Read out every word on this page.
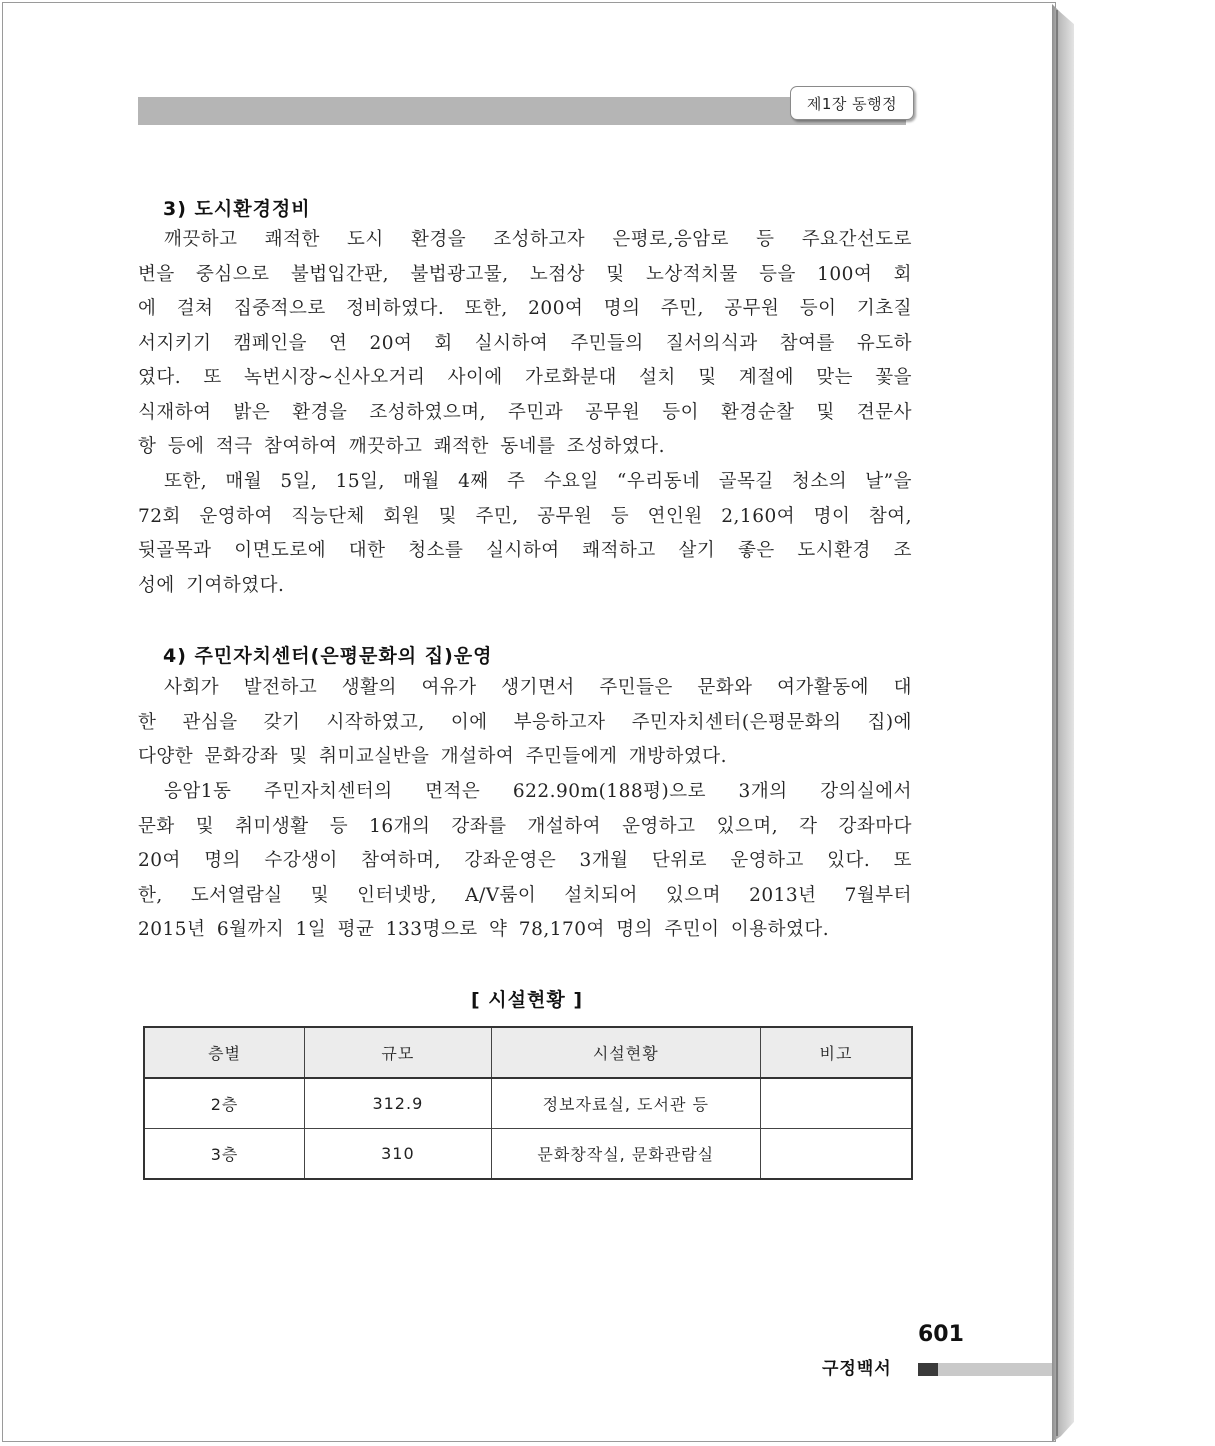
제1장 동행정
3) 도시환경정비
깨끗하고 쾌적한 도시 환경을 조성하고자 은평로,응암로 등 주요간선도로
변을 중심으로 불법입간판, 불법광고물, 노점상 및 노상적치물 등을 100여 회
에 걸쳐 집중적으로 정비하였다. 또한, 200여 명의 주민, 공무원 등이 기초질
서지키기 캠페인을 연 20여 회 실시하여 주민들의 질서의식과 참여를 유도하
였다. 또 녹번시장~신사오거리 사이에 가로화분대 설치 및 계절에 맞는 꽃을
식재하여 밝은 환경을 조성하였으며, 주민과 공무원 등이 환경순찰 및 견문사
항 등에 적극 참여하여 깨끗하고 쾌적한 동네를 조성하였다.
또한, 매월 5일, 15일, 매월 4째 주 수요일 “우리동네 골목길 청소의 날”을
72회 운영하여 직능단체 회원 및 주민, 공무원 등 연인원 2,160여 명이 참여,
뒷골목과 이면도로에 대한 청소를 실시하여 쾌적하고 살기 좋은 도시환경 조
성에 기여하였다.
4) 주민자치센터(은평문화의 집)운영
사회가 발전하고 생활의 여유가 생기면서 주민들은 문화와 여가활동에 대
한 관심을 갖기 시작하였고, 이에 부응하고자 주민자치센터(은평문화의 집)에
다양한 문화강좌 및 취미교실반을 개설하여 주민들에게 개방하였다.
응암1동 주민자치센터의 면적은 622.90m(188평)으로 3개의 강의실에서
문화 및 취미생활 등 16개의 강좌를 개설하여 운영하고 있으며, 각 강좌마다
20여 명의 수강생이 참여하며, 강좌운영은 3개월 단위로 운영하고 있다. 또
한, 도서열람실 및 인터넷방, A/V룸이 설치되어 있으며 2013년 7월부터
2015년 6월까지 1일 평균 133명으로 약 78,170여 명의 주민이 이용하였다.
[ 시설현황 ]
층별	규모	시설현황	비고
2층	312.9	정보자료실, 도서관 등	
3층	310	문화창작실, 문화관람실	
601
구정백서
